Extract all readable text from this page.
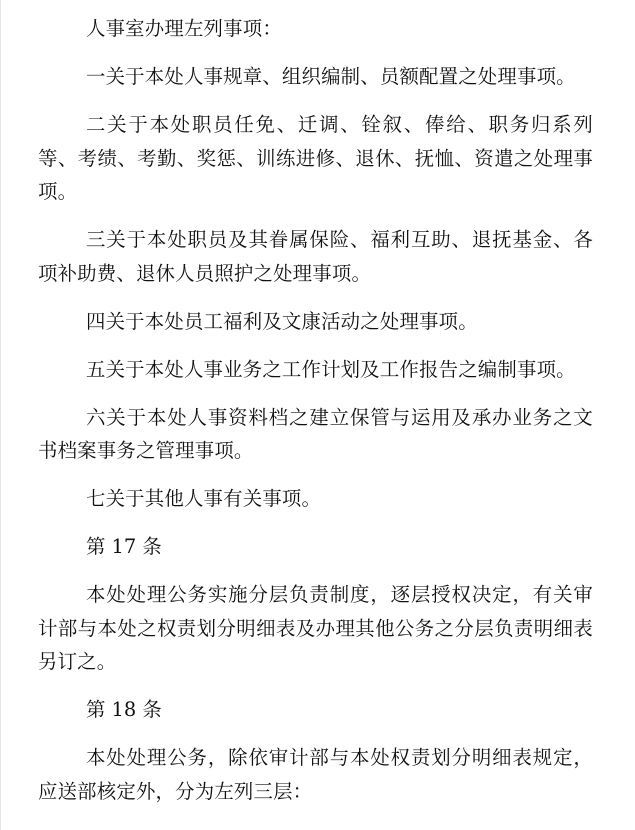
人事室办理左列事项：

一关于本处人事规章、组织编制、员额配置之处理事项。

二关于本处职员任免、迁调、铨叙、俸给、职务归系列等、考绩、考勤、奖惩、训练进修、退休、抚恤、资遣之处理事项。

三关于本处职员及其眷属保险、福利互助、退抚基金、各项补助费、退休人员照护之处理事项。

四关于本处员工福利及文康活动之处理事项。

五关于本处人事业务之工作计划及工作报告之编制事项。

六关于本处人事资料档之建立保管与运用及承办业务之文书档案事务之管理事项。

七关于其他人事有关事项。

第 17 条

本处处理公务实施分层负责制度，逐层授权决定，有关审计部与本处之权责划分明细表及办理其他公务之分层负责明细表另订之。

第 18 条

本处处理公务，除依审计部与本处权责划分明细表规定，应送部核定外，分为左列三层：
